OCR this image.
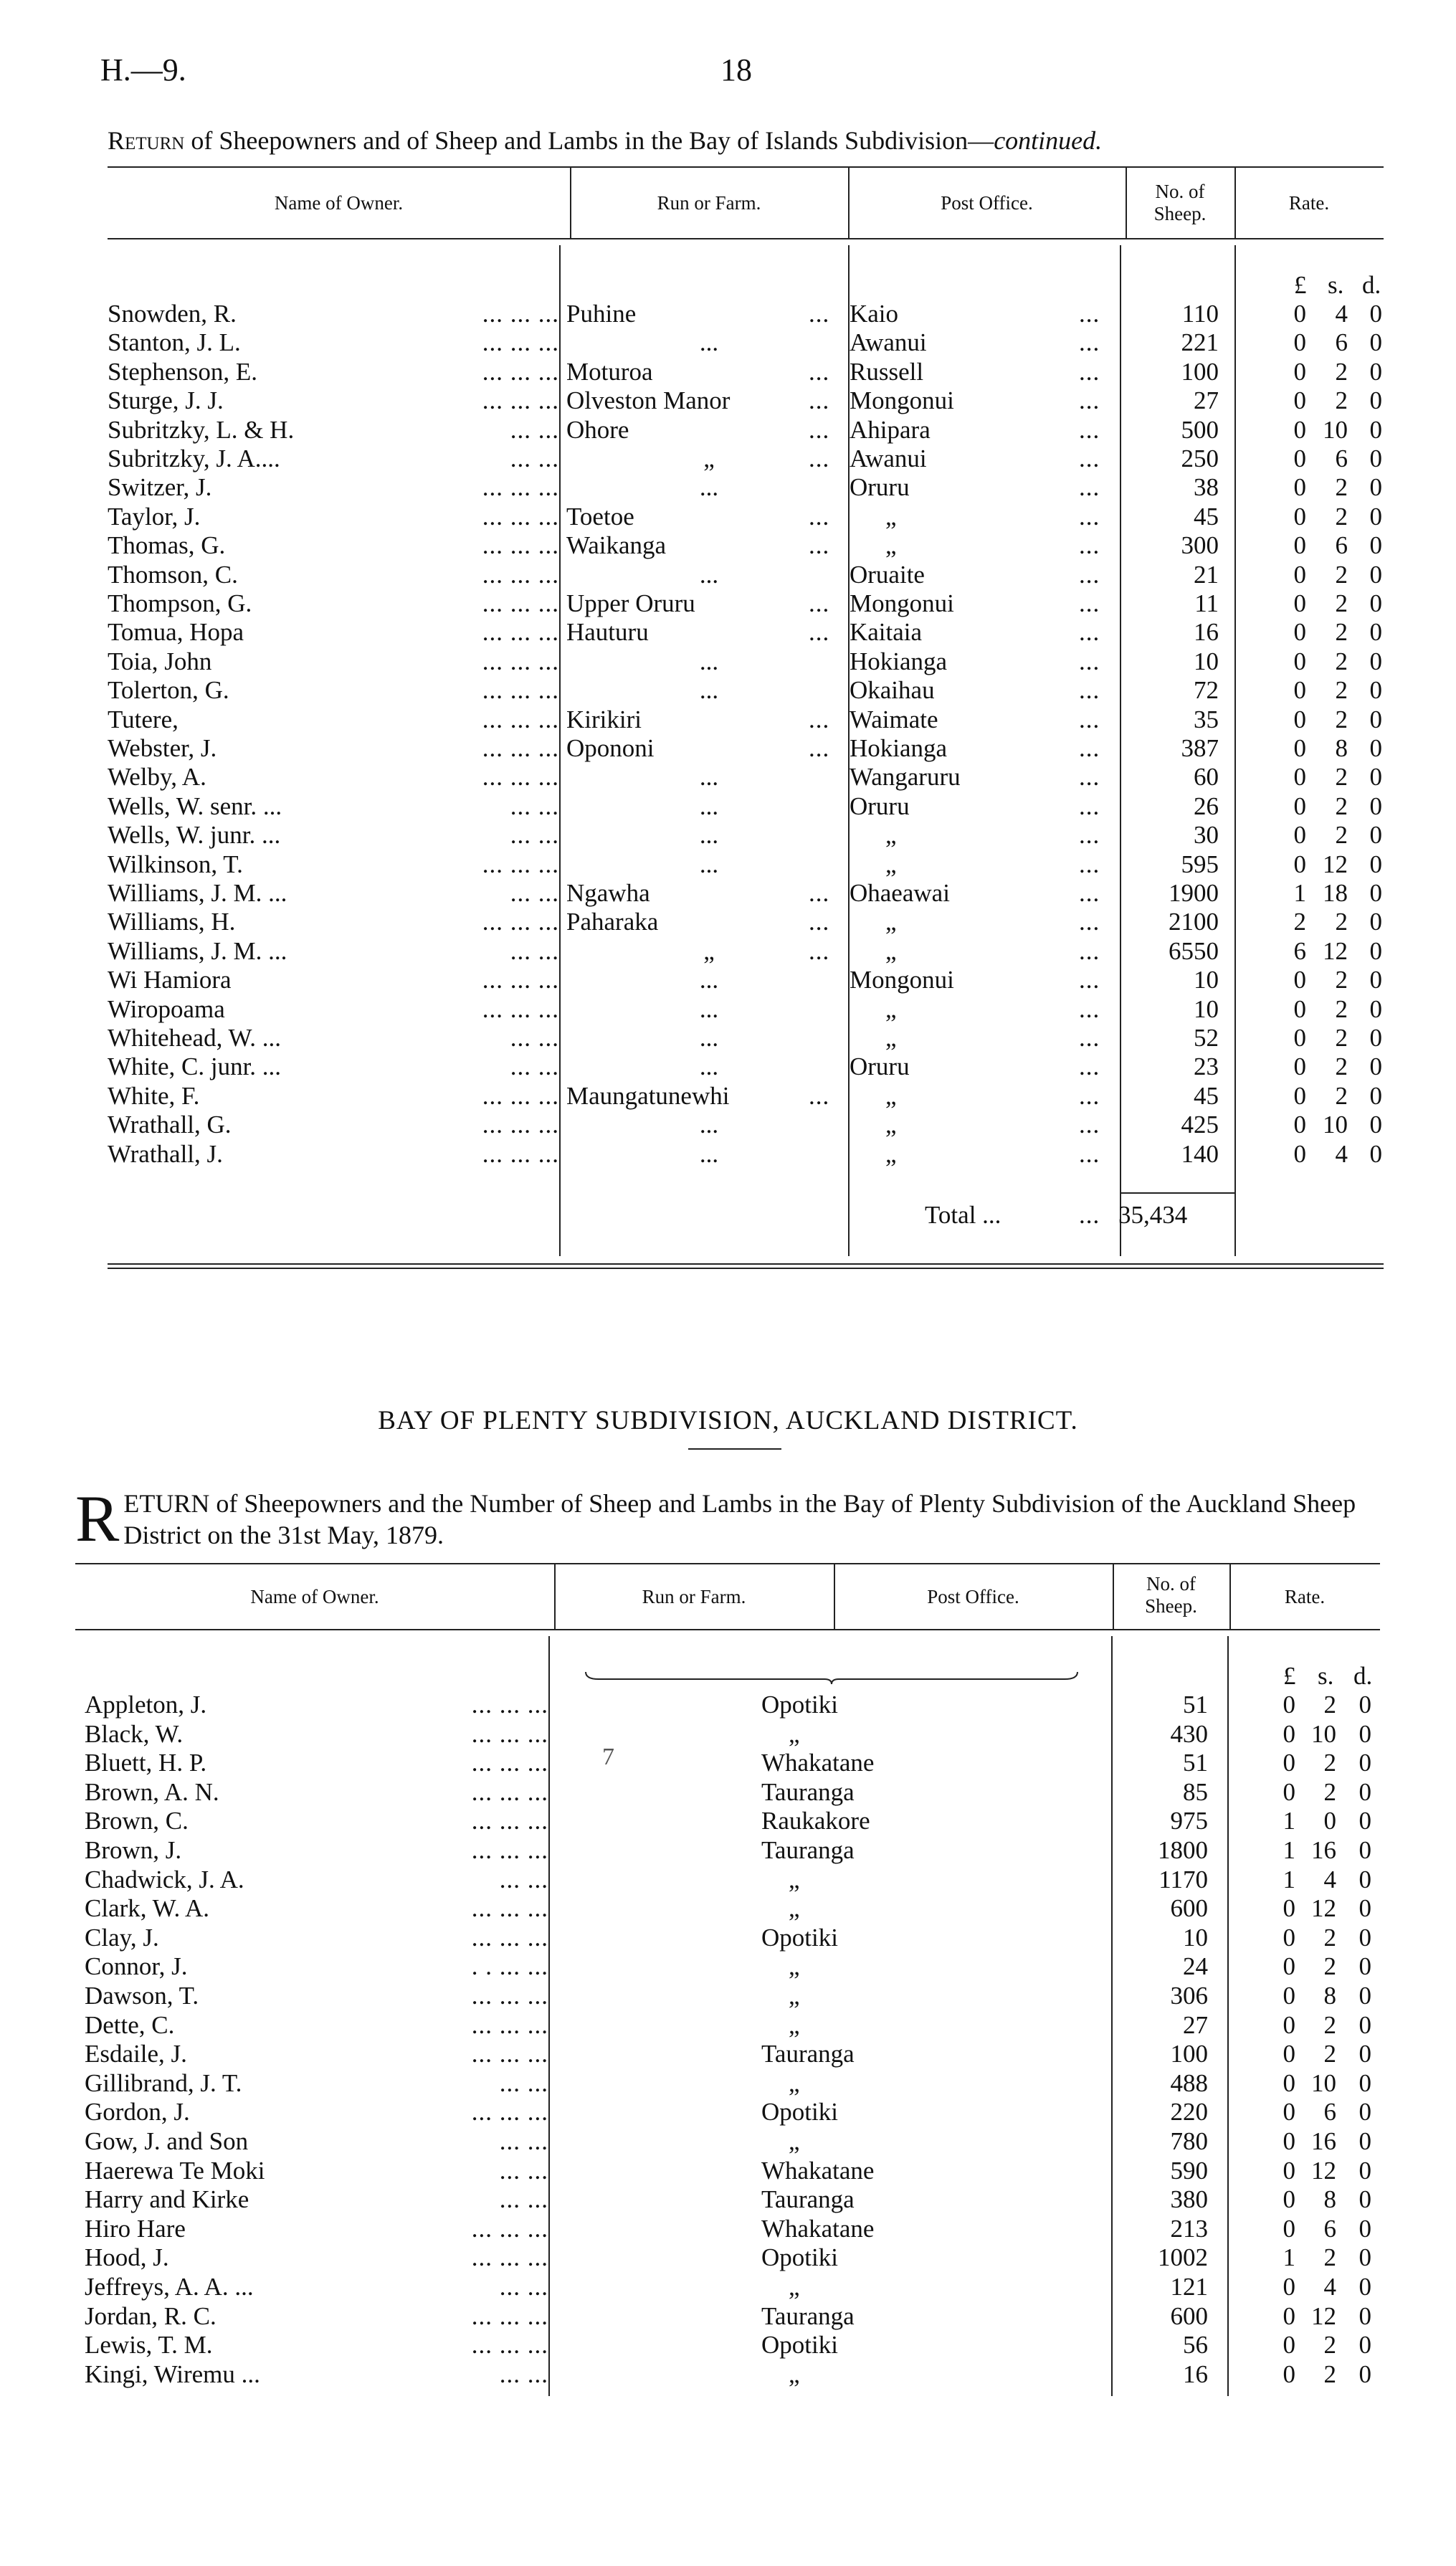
H.—9.	18
Return of Sheepowners and of Sheep and Lambs in the Bay of Islands Subdivision—continued.
Name of Owner.	Run or Farm.	Post Office.
No. of
Sheep.
Rate.
£ s. d.
Snowden, R.	... ... ... Puhine	... Kaio	...	110	0	4 0
Stanton, J. L.	... ... ...	...	Awanui	...	221	0	6 0
Stephenson, E.	... ... ... Moturoa	... Russell	...	100	0	2 0
Sturge, J. J.	... ... ... Olveston Manor	... Mongonui	...	27	0	2 0
Subritzky, L. & H.	... ... Ohore	... Ahipara	...	500	0 10 0
Subritzky, J. A....	... ...	„	... Awanui	...	250	0	6 0
Switzer, J.	... ... ...	...	Oruru	...	38	0	2 0
Taylor, J.	... ... ... Toetoe	... „	...	45	0	2 0
Thomas, G.	... ... ... Waikanga	... „	...	300	0	6 0
Thomson, C.	... ... ...	...	Oruaite	...	21	0	2 0
Thompson, G.	... ... ... Upper Oruru	... Mongonui	...	11	0	2 0
Tomua, Hopa	... ... ... Hauturu	... Kaitaia	...	16	0	2 0
Toia, John	... ... ...	...	Hokianga	...	10	0	2 0
Tolerton, G.	... ... ...	...	Okaihau	...	72	0	2 0
Tutere,	... ... ... Kirikiri	... Waimate	...	35	0	2 0
Webster, J.	... ... ... Opononi	... Hokianga	...	387	0	8 0
Welby, A.	... ... ...	...	Wangaruru	...	60	0	2 0
Wells, W. senr. ...	... ...	...	Oruru	...	26	0	2 0
Wells, W. junr. ...	... ...	...	„	...	30	0	2 0
Wilkinson, T.	... ... ...	...	„	...	595	0 12 0
Williams, J. M. ...	... ... Ngawha	... Ohaeawai	...	1900	1 18 0
Williams, H.	... ... ... Paharaka	... „	...	2100	2	2 0
Williams, J. M. ...	... ...	„	... „	...	6550	6 12 0
Wi Hamiora	... ... ...	...	Mongonui	...	10	0	2 0
Wiropoama	... ... ...	...	„	...	10	0	2 0
Whitehead, W. ...	... ...	...	„	...	52	0	2 0
White, C. junr. ...	... ...	...	Oruru	...	23	0	2 0
White, F.	... ... ... Maungatunewhi	... „	...	45	0	2 0
Wrathall, G.	... ... ...	...	„	...	425	0 10 0
Wrathall, J.	... ... ...	...	„	...	140	0	4 0
Total ...	... 35,434
BAY OF PLENTY SUBDIVISION, AUCKLAND DISTRICT.
RETURN of Sheepowners and the Number of Sheep and Lambs in the Bay of Plenty Subdivision of the Auckland Sheep District on the 31st May, 1879.
Name of Owner.	Run or Farm.	Post Office.
No. of
Sheep.	Rate.
7
£ s. d.
Appleton, J.	... ... ...	Opotiki	51	0	2 0
Black, W.	... ... ...	„	430	0 10 0
Bluett, H. P.	... ... ...	Whakatane	51	0	2 0
Brown, A. N.	... ... ...	Tauranga	85	0	2 0
Brown, C.	... ... ...	Raukakore	975	1	0 0
Brown, J.	... ... ...	Tauranga	1800	1 16 0
Chadwick, J. A.	... ...	„	1170	1	4 0
Clark, W. A.	... ... ...	„	600	0 12 0
Clay, J.	... ... ...	Opotiki	10	0	2 0
Connor, J.	. . ... ...	„	24	0	2 0
Dawson, T.	... ... ...	„	306	0	8 0
Dette, C.	... ... ...	„	27	0	2 0
Esdaile, J.	... ... ...	Tauranga	100	0	2 0
Gillibrand, J. T.	... ...	„	488	0 10 0
Gordon, J.	... ... ...	Opotiki	220	0	6 0
Gow, J. and Son	... ...	„	780	0 16 0
Haerewa Te Moki	... ...	Whakatane	590	0 12 0
Harry and Kirke	... ...	Tauranga	380	0	8 0
Hiro Hare	... ... ...	Whakatane	213	0	6 0
Hood, J.	... ... ...	Opotiki	1002	1	2 0
Jeffreys, A. A. ...	... ...	„	121	0	4 0
Jordan, R. C.	... ... ...	Tauranga	600	0 12 0
Lewis, T. M.	... ... ...	Opotiki	56	0	2 0
Kingi, Wiremu ...	... ...	„	16	0	2 0
